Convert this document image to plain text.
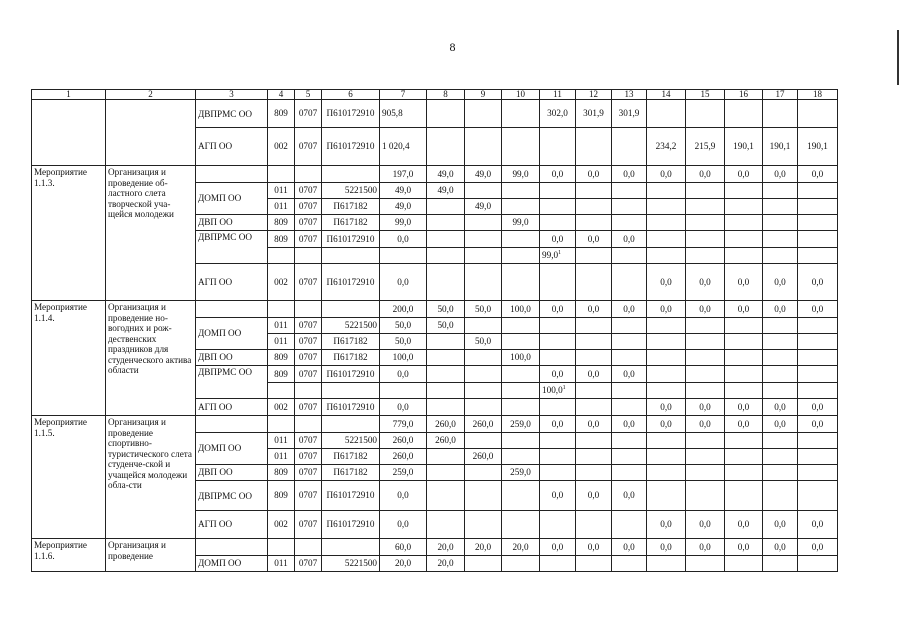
8
1	2	3	4	5	6	7	8	9	10	11	12	13	14	15	16	17	18
		ДВПРМС ОО	809	0707	П610172910	905,8				302,0	301,9	301,9					
		АГП ОО	002	0707	П610172910	1 020,4							234,2	215,9	190,1	190,1	190,1
Мероприятие 1.1.3.	Организация и проведение об-ластного слета творческой уча-щейся молодежи					197,0	49,0	49,0	99,0	0,0	0,0	0,0	0,0	0,0	0,0	0,0	0,0
		ДОМП ОО	011	0707	5221500	49,0	49,0										
			011	0707	П617182	49,0		49,0									
		ДВП ОО	809	0707	П617182	99,0			99,0								
		ДВПРМС ОО	809	0707	П610172910	0,0				0,0	0,0	0,0					
										99,0$^1$							
		АГП ОО	002	0707	П610172910	0,0							0,0	0,0	0,0	0,0	0,0
Мероприятие 1.1.4.	Организация и проведение но-вогодних и рож-дественских праздников для студенческого актива области					200,0	50,0	50,0	100,0	0,0	0,0	0,0	0,0	0,0	0,0	0,0	0,0
		ДОМП ОО	011	0707	5221500	50,0	50,0										
			011	0707	П617182	50,0		50,0									
		ДВП ОО	809	0707	П617182	100,0			100,0								
		ДВПРМС ОО	809	0707	П610172910	0,0				0,0	0,0	0,0					
										100,0$^1$							
		АГП ОО	002	0707	П610172910	0,0							0,0	0,0	0,0	0,0	0,0
Мероприятие 1.1.5.	Организация и проведение спортивно-туристического слета студенче-ской и учащейся молодежи обла-сти					779,0	260,0	260,0	259,0	0,0	0,0	0,0	0,0	0,0	0,0	0,0	0,0
		ДОМП ОО	011	0707	5221500	260,0	260,0										
			011	0707	П617182	260,0		260,0									
		ДВП ОО	809	0707	П617182	259,0			259,0								
		ДВПРМС ОО	809	0707	П610172910	0,0				0,0	0,0	0,0					
		АГП ОО	002	0707	П610172910	0,0							0,0	0,0	0,0	0,0	0,0
Мероприятие 1.1.6.	Организация и проведение					60,0	20,0	20,0	20,0	0,0	0,0	0,0	0,0	0,0	0,0	0,0	0,0
		ДОМП ОО	011	0707	5221500	20,0	20,0										
